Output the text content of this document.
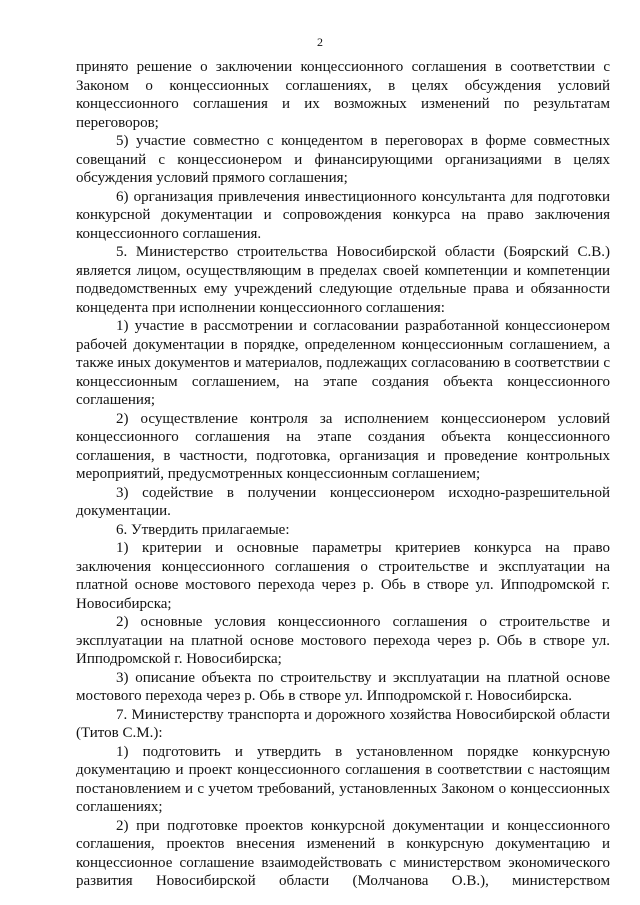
2

принято решение о заключении концессионного соглашения в соответствии с Законом о концессионных соглашениях, в целях обсуждения условий концессионного соглашения и их возможных изменений по результатам переговоров;

5) участие совместно с концедентом в переговорах в форме совместных совещаний с концессионером и финансирующими организациями в целях обсуждения условий прямого соглашения;

6) организация привлечения инвестиционного консультанта для подготовки конкурсной документации и сопровождения конкурса на право заключения концессионного соглашения.

5. Министерство строительства Новосибирской области (Боярский С.В.) является лицом, осуществляющим в пределах своей компетенции и компетенции подведомственных ему учреждений следующие отдельные права и обязанности концедента при исполнении концессионного соглашения:

1) участие в рассмотрении и согласовании разработанной концессионером рабочей документации в порядке, определенном концессионным соглашением, а также иных документов и материалов, подлежащих согласованию в соответствии с концессионным соглашением, на этапе создания объекта концессионного соглашения;

2) осуществление контроля за исполнением концессионером условий концессионного соглашения на этапе создания объекта концессионного соглашения, в частности, подготовка, организация и проведение контрольных мероприятий, предусмотренных концессионным соглашением;

3) содействие в получении концессионером исходно-разрешительной документации.

6. Утвердить прилагаемые:

1) критерии и основные параметры критериев конкурса на право заключения концессионного соглашения о строительстве и эксплуатации на платной основе мостового перехода через р. Обь в створе ул. Ипподромской г. Новосибирска;

2) основные условия концессионного соглашения о строительстве и эксплуатации на платной основе мостового перехода через р. Обь в створе ул. Ипподромской г. Новосибирска;

3) описание объекта по строительству и эксплуатации на платной основе мостового перехода через р. Обь в створе ул. Ипподромской г. Новосибирска.

7. Министерству транспорта и дорожного хозяйства Новосибирской области (Титов С.М.):

1) подготовить и утвердить в установленном порядке конкурсную документацию и проект концессионного соглашения в соответствии с настоящим постановлением и с учетом требований, установленных Законом о концессионных соглашениях;

2) при подготовке проектов конкурсной документации и концессионного соглашения, проектов внесения изменений в конкурсную документацию и концессионное соглашение взаимодействовать с министерством экономического развития Новосибирской области (Молчанова О.В.), министерством
